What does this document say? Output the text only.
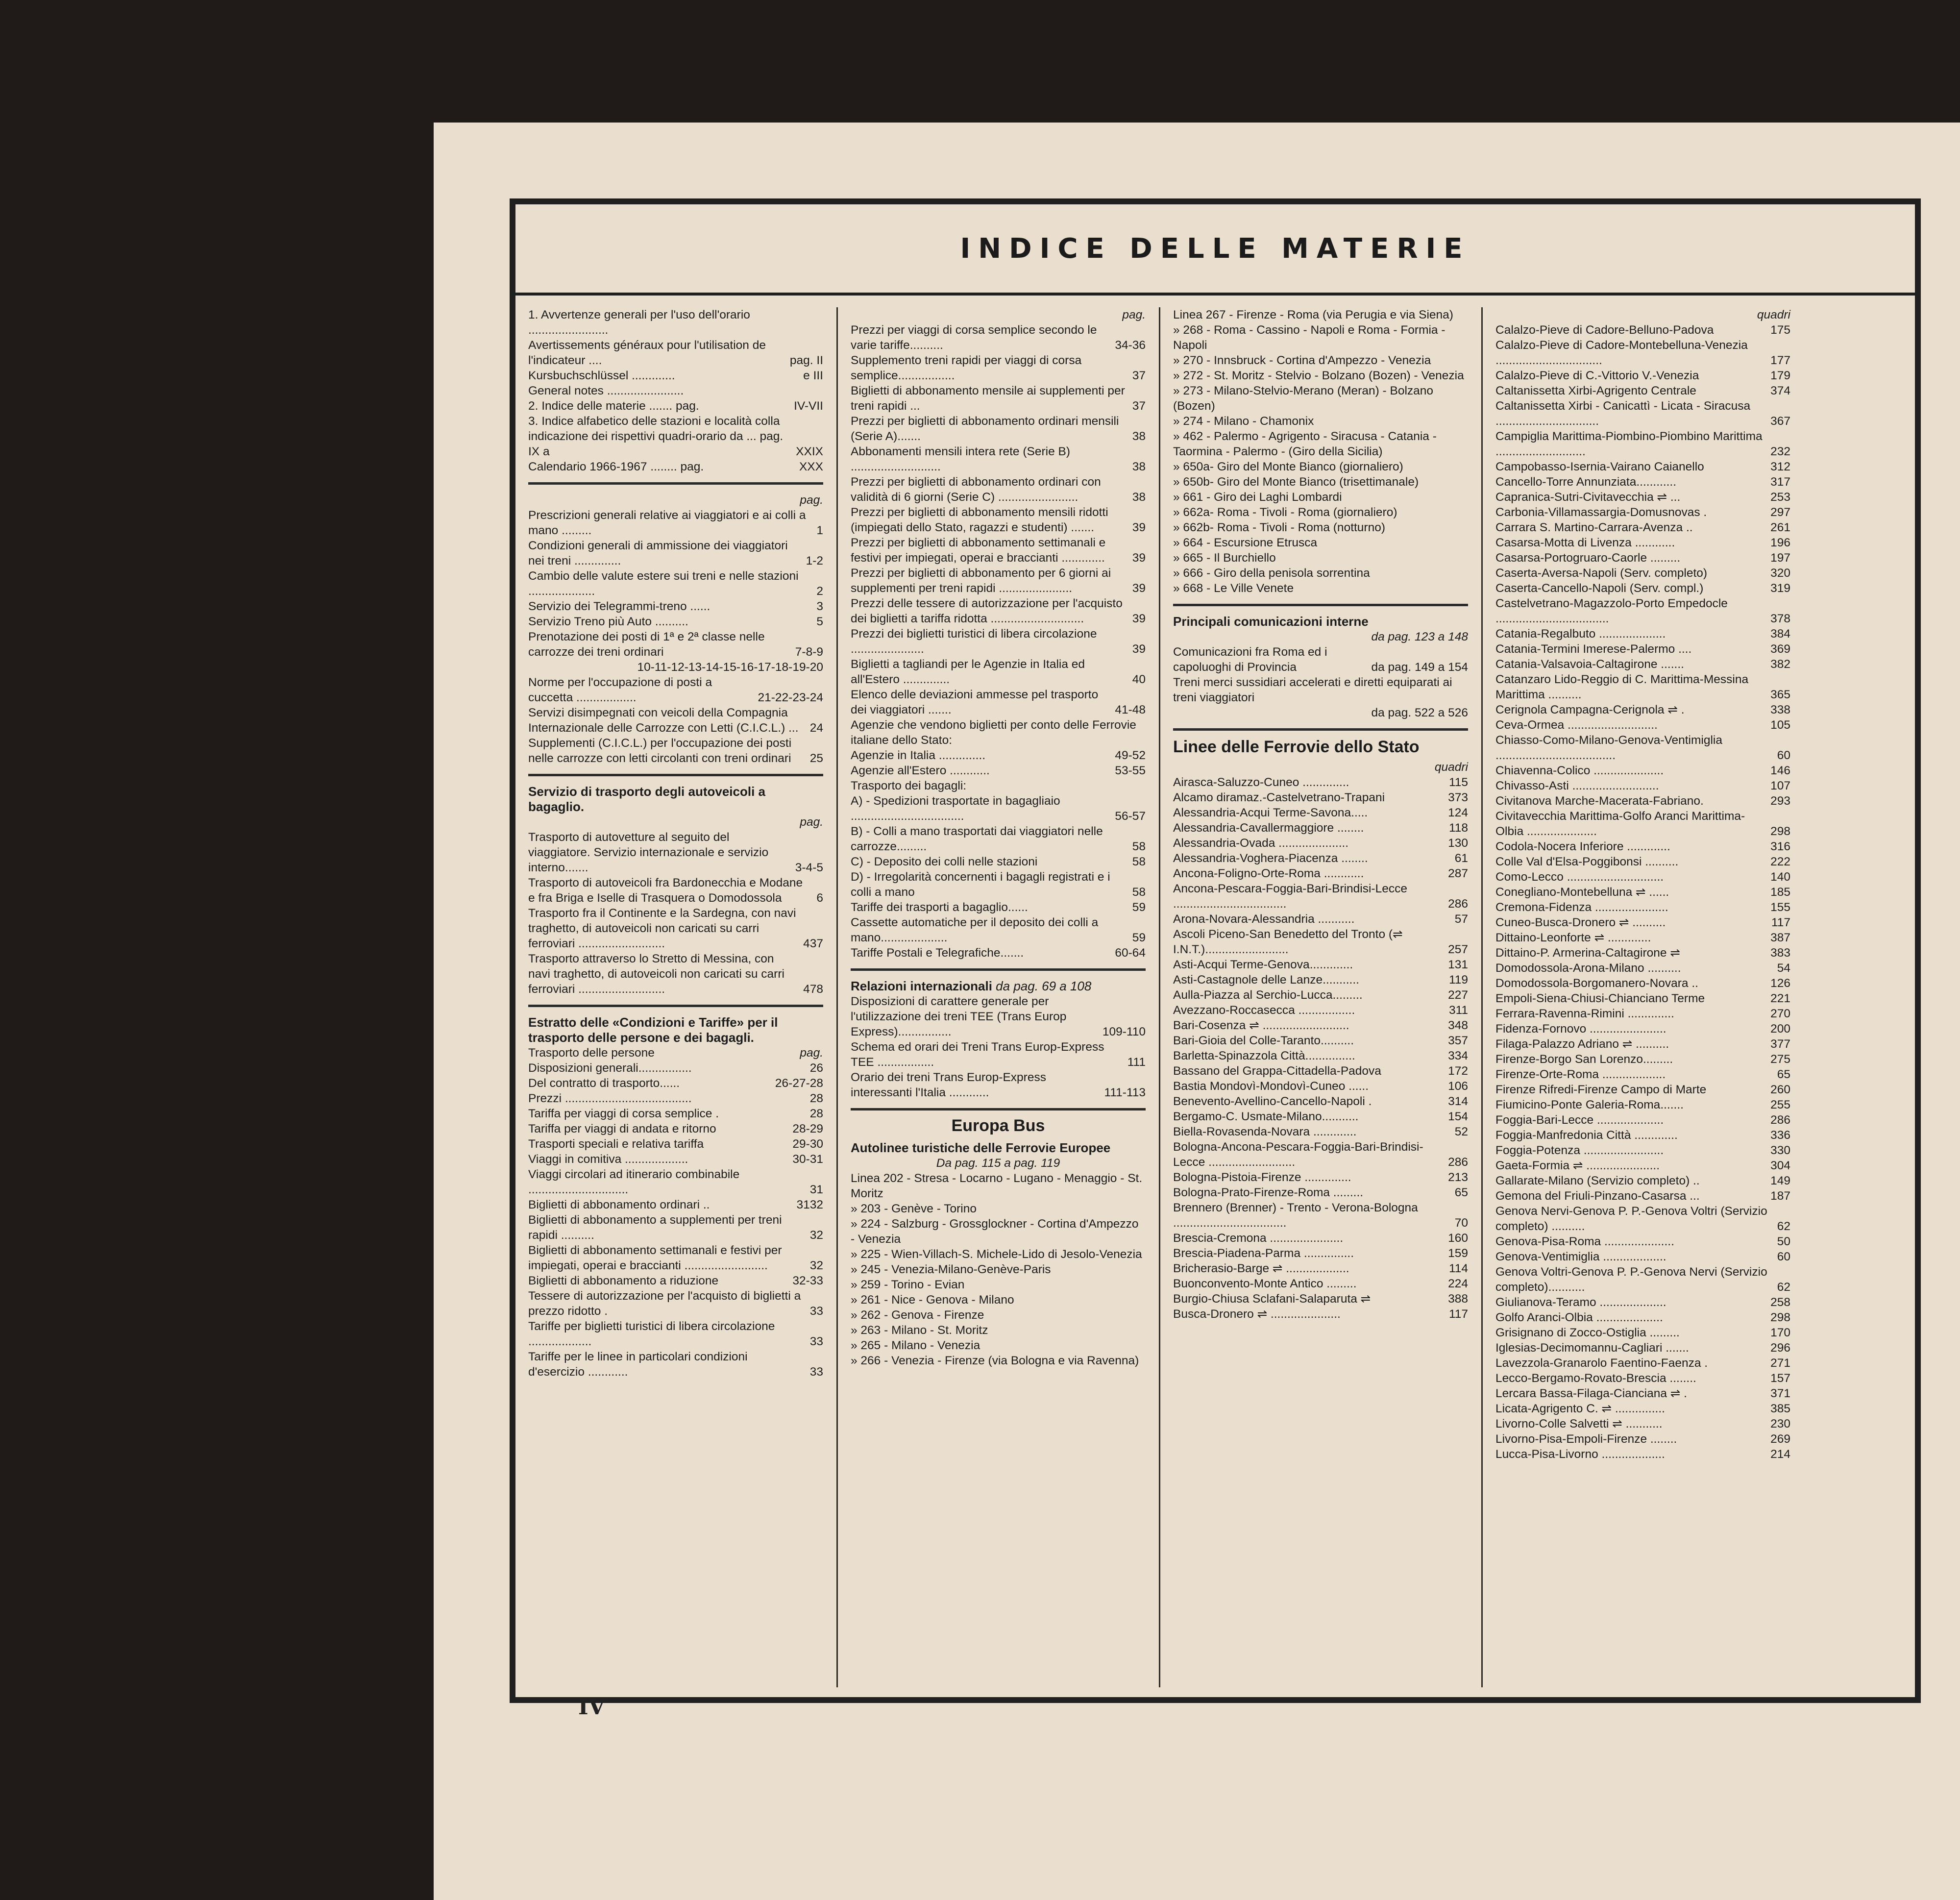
INDICE DELLE MATERIE
1. Avvertenze generali per l'uso dell'orario ........................
Avertissements généraux pour l'utilisation de l'indicateur ....	pag. II
Kursbuchschlüssel .............	e III
General notes .......................
2. Indice delle materie ....... pag.	IV-VII
3. Indice alfabetico delle stazioni e località colla indicazione dei rispettivi quadri-orario da ... pag. IX a	XXIX
Calendario 1966-1967 ........ pag.	XXX
pag.
Prescrizioni generali relative ai viaggiatori e ai colli a mano .........	1
Condizioni generali di ammissione dei viaggiatori nei treni ..............	1-2
Cambio delle valute estere sui treni e nelle stazioni ....................	2
Servizio dei Telegrammi-treno ......	3
Servizio Treno più Auto ..........	5
Prenotazione dei posti di 1ª e 2ª classe nelle carrozze dei treni ordinari	7-8-9
10-11-12-13-14-15-16-17-18-19-20
Norme per l'occupazione di posti a cuccetta ..................	21-22-23-24
Servizi disimpegnati con veicoli della Compagnia Internazionale delle Carrozze con Letti (C.I.C.L.) ... 24
Supplementi (C.I.C.L.) per l'occupazione dei posti nelle carrozze con letti circolanti con treni ordinari	25
Servizio di trasporto degli autoveicoli a bagaglio.
pag.
Trasporto di autovetture al seguito del viaggiatore. Servizio internazionale e servizio interno.......	3-4-5
Trasporto di autoveicoli fra Bardonecchia e Modane e fra Briga e Iselle di Trasquera o Domodossola	6
Trasporto fra il Continente e la Sardegna, con navi traghetto, di autoveicoli non caricati su carri ferroviari ..........................	437
Trasporto attraverso lo Stretto di Messina, con navi traghetto, di autoveicoli non caricati su carri ferroviari ..........................	478
Estratto delle «Condizioni e Tariffe» per il trasporto delle persone e dei bagagli.
Trasporto delle persone	pag.
Disposizioni generali................	26
Del contratto di trasporto......	26-27-28
Prezzi ......................................	28
Tariffa per viaggi di corsa semplice .	28
Tariffa per viaggi di andata e ritorno	28-29
Trasporti speciali e relativa tariffa	29-30
Viaggi in comitiva ...................	30-31
Viaggi circolari ad itinerario combinabile ..............................	31
Biglietti di abbonamento ordinari ..	3132
Biglietti di abbonamento a supplementi per treni rapidi ..........	32
Biglietti di abbonamento settimanali e festivi per impiegati, operai e braccianti .........................	32
Biglietti di abbonamento a riduzione	32-33
Tessere di autorizzazione per l'acquisto di biglietti a prezzo ridotto .	33
Tariffe per biglietti turistici di libera circolazione ...................	33
Tariffe per le linee in particolari condizioni d'esercizio ............	33
pag.
Prezzi per viaggi di corsa semplice secondo le varie tariffe..........	34-36
Supplemento treni rapidi per viaggi di corsa semplice.................	37
Biglietti di abbonamento mensile ai supplementi per treni rapidi ...	37
Prezzi per biglietti di abbonamento ordinari mensili (Serie A).......	38
Abbonamenti mensili intera rete (Serie B) ...........................	38
Prezzi per biglietti di abbonamento ordinari con validità di 6 giorni (Serie C) ........................	38
Prezzi per biglietti di abbonamento mensili ridotti (impiegati dello Stato, ragazzi e studenti) .......	39
Prezzi per biglietti di abbonamento settimanali e festivi per impiegati, operai e braccianti .............	39
Prezzi per biglietti di abbonamento per 6 giorni ai supplementi per treni rapidi ......................	39
Prezzi delle tessere di autorizzazione per l'acquisto dei biglietti a tariffa ridotta ............................	39
Prezzi dei biglietti turistici di libera circolazione ......................	39
Biglietti a tagliandi per le Agenzie in Italia ed all'Estero ..............	40
Elenco delle deviazioni ammesse pel trasporto dei viaggiatori .......	41-48
Agenzie che vendono biglietti per conto delle Ferrovie italiane dello Stato:
Agenzie in Italia ..............	49-52
Agenzie all'Estero ............	53-55
Trasporto dei bagagli:
A) - Spedizioni trasportate in bagagliaio ..................................	56-57
B) - Colli a mano trasportati dai viaggiatori nelle carrozze.........	58
C) - Deposito dei colli nelle stazioni	58
D) - Irregolarità concernenti i bagagli registrati e i colli a mano	58
Tariffe dei trasporti a bagaglio......	59
Cassette automatiche per il deposito dei colli a mano....................	59
Tariffe Postali e Telegrafiche.......	60-64
Relazioni internazionali da pag. 69 a 108
Disposizioni di carattere generale per l'utilizzazione dei treni TEE (Trans Europ Express)................	109-110
Schema ed orari dei Treni Trans Europ-Express TEE .................	111
Orario dei treni Trans Europ-Express interessanti l'Italia ............	111-113
Europa Bus
Autolinee turistiche delle Ferrovie Europee
Da pag. 115 a pag. 119
Linea 202 - Stresa - Locarno - Lugano - Menaggio - St. Moritz
» 203 - Genève - Torino
» 224 - Salzburg - Grossglockner - Cortina d'Ampezzo - Venezia
» 225 - Wien-Villach-S. Michele-Lido di Jesolo-Venezia
» 245 - Venezia-Milano-Genève-Paris
» 259 - Torino - Evian
» 261 - Nice - Genova - Milano
» 262 - Genova - Firenze
» 263 - Milano - St. Moritz
» 265 - Milano - Venezia
» 266 - Venezia - Firenze (via Bologna e via Ravenna)
Linea 267 - Firenze - Roma (via Perugia e via Siena)
» 268 - Roma - Cassino - Napoli e Roma - Formia - Napoli
» 270 - Innsbruck - Cortina d'Ampezzo - Venezia
» 272 - St. Moritz - Stelvio - Bolzano (Bozen) - Venezia
» 273 - Milano-Stelvio-Merano (Meran) - Bolzano (Bozen)
» 274 - Milano - Chamonix
» 462 - Palermo - Agrigento - Siracusa - Catania - Taormina - Palermo - (Giro della Sicilia)
» 650a- Giro del Monte Bianco (giornaliero)
» 650b- Giro del Monte Bianco (trisettimanale)
» 661 - Giro dei Laghi Lombardi
» 662a- Roma - Tivoli - Roma (giornaliero)
» 662b- Roma - Tivoli - Roma (notturno)
» 664 - Escursione Etrusca
» 665 - Il Burchiello
» 666 - Giro della penisola sorrentina
» 668 - Le Ville Venete
Principali comunicazioni interne
da pag. 123 a 148
Comunicazioni fra Roma ed i capoluoghi di Provincia	da pag. 149 a 154
Treni merci sussidiari accelerati e diretti equiparati ai treni viaggiatori
da pag. 522 a 526
Linee delle Ferrovie dello Stato
quadri
Airasca-Saluzzo-Cuneo ..............	115
Alcamo diramaz.-Castelvetrano-Trapani	373
Alessandria-Acqui Terme-Savona.....	124
Alessandria-Cavallermaggiore ........	118
Alessandria-Ovada .....................	130
Alessandria-Voghera-Piacenza ........	61
Ancona-Foligno-Orte-Roma ............	287
Ancona-Pescara-Foggia-Bari-Brindisi-Lecce ..................................	286
Arona-Novara-Alessandria ...........	57
Ascoli Piceno-San Benedetto del Tronto (⇌ I.N.T.).........................	257
Asti-Acqui Terme-Genova.............	131
Asti-Castagnole delle Lanze...........	119
Aulla-Piazza al Serchio-Lucca.........	227
Avezzano-Roccasecca .................	311
Bari-Cosenza ⇌ ..........................	348
Bari-Gioia del Colle-Taranto..........	357
Barletta-Spinazzola Città...............	334
Bassano del Grappa-Cittadella-Padova	172
Bastia Mondovì-Mondovì-Cuneo ......	106
Benevento-Avellino-Cancello-Napoli .	314
Bergamo-C. Usmate-Milano...........	154
Biella-Rovasenda-Novara .............	52
Bologna-Ancona-Pescara-Foggia-Bari-Brindisi-Lecce ..........................	286
Bologna-Pistoia-Firenze ..............	213
Bologna-Prato-Firenze-Roma .........	65
Brennero (Brenner) - Trento - Verona-Bologna ..................................	70
Brescia-Cremona ......................	160
Brescia-Piadena-Parma ...............	159
Bricherasio-Barge ⇌ ...................	114
Buonconvento-Monte Antico .........	224
Burgio-Chiusa Sclafani-Salaparuta ⇌	388
Busca-Dronero ⇌ .....................	117
quadri
Calalzo-Pieve di Cadore-Belluno-Padova	175
Calalzo-Pieve di Cadore-Montebelluna-Venezia ................................	177
Calalzo-Pieve di C.-Vittorio V.-Venezia	179
Caltanissetta Xirbi-Agrigento Centrale	374
Caltanissetta Xirbi - Canicattì - Licata - Siracusa ...............................	367
Campiglia Marittima-Piombino-Piombino Marittima ...........................	232
Campobasso-Isernia-Vairano Caianello	312
Cancello-Torre Annunziata............	317
Capranica-Sutri-Civitavecchia ⇌ ...	253
Carbonia-Villamassargia-Domusnovas .	297
Carrara S. Martino-Carrara-Avenza ..	261
Casarsa-Motta di Livenza ............	196
Casarsa-Portogruaro-Caorle .........	197
Caserta-Aversa-Napoli (Serv. completo)	320
Caserta-Cancello-Napoli (Serv. compl.)	319
Castelvetrano-Magazzolo-Porto Empedocle ..................................	378
Catania-Regalbuto ....................	384
Catania-Termini Imerese-Palermo ....	369
Catania-Valsavoia-Caltagirone .......	382
Catanzaro Lido-Reggio di C. Marittima-Messina Marittima ..........	365
Cerignola Campagna-Cerignola ⇌ .	338
Ceva-Ormea ...........................	105
Chiasso-Como-Milano-Genova-Ventimiglia ....................................	60
Chiavenna-Colico .....................	146
Chivasso-Asti ..........................	107
Civitanova Marche-Macerata-Fabriano.	293
Civitavecchia Marittima-Golfo Aranci Marittima-Olbia .....................	298
Codola-Nocera Inferiore .............	316
Colle Val d'Elsa-Poggibonsi ..........	222
Como-Lecco .............................	140
Conegliano-Montebelluna ⇌ ......	185
Cremona-Fidenza ......................	155
Cuneo-Busca-Dronero ⇌ ..........	117
Dittaino-Leonforte ⇌ .............	387
Dittaino-P. Armerina-Caltagirone ⇌	383
Domodossola-Arona-Milano ..........	54
Domodossola-Borgomanero-Novara ..	126
Empoli-Siena-Chiusi-Chianciano Terme	221
Ferrara-Ravenna-Rimini ..............	270
Fidenza-Fornovo .......................	200
Filaga-Palazzo Adriano ⇌ ..........	377
Firenze-Borgo San Lorenzo.........	275
Firenze-Orte-Roma ...................	65
Firenze Rifredi-Firenze Campo di Marte	260
Fiumicino-Ponte Galeria-Roma.......	255
Foggia-Bari-Lecce ....................	286
Foggia-Manfredonia Città .............	336
Foggia-Potenza ........................	330
Gaeta-Formia ⇌ ......................	304
Gallarate-Milano (Servizio completo) ..	149
Gemona del Friuli-Pinzano-Casarsa ...	187
Genova Nervi-Genova P. P.-Genova Voltri (Servizio completo) ..........	62
Genova-Pisa-Roma .....................	50
Genova-Ventimiglia ...................	60
Genova Voltri-Genova P. P.-Genova Nervi (Servizio completo)...........	62
Giulianova-Teramo ....................	258
Golfo Aranci-Olbia ....................	298
Grisignano di Zocco-Ostiglia .........	170
Iglesias-Decimomannu-Cagliari .......	296
Lavezzola-Granarolo Faentino-Faenza .	271
Lecco-Bergamo-Rovato-Brescia ........	157
Lercara Bassa-Filaga-Cianciana ⇌ .	371
Licata-Agrigento C. ⇌ ...............	385
Livorno-Colle Salvetti ⇌ ...........	230
Livorno-Pisa-Empoli-Firenze ........	269
Lucca-Pisa-Livorno ...................	214
IV
